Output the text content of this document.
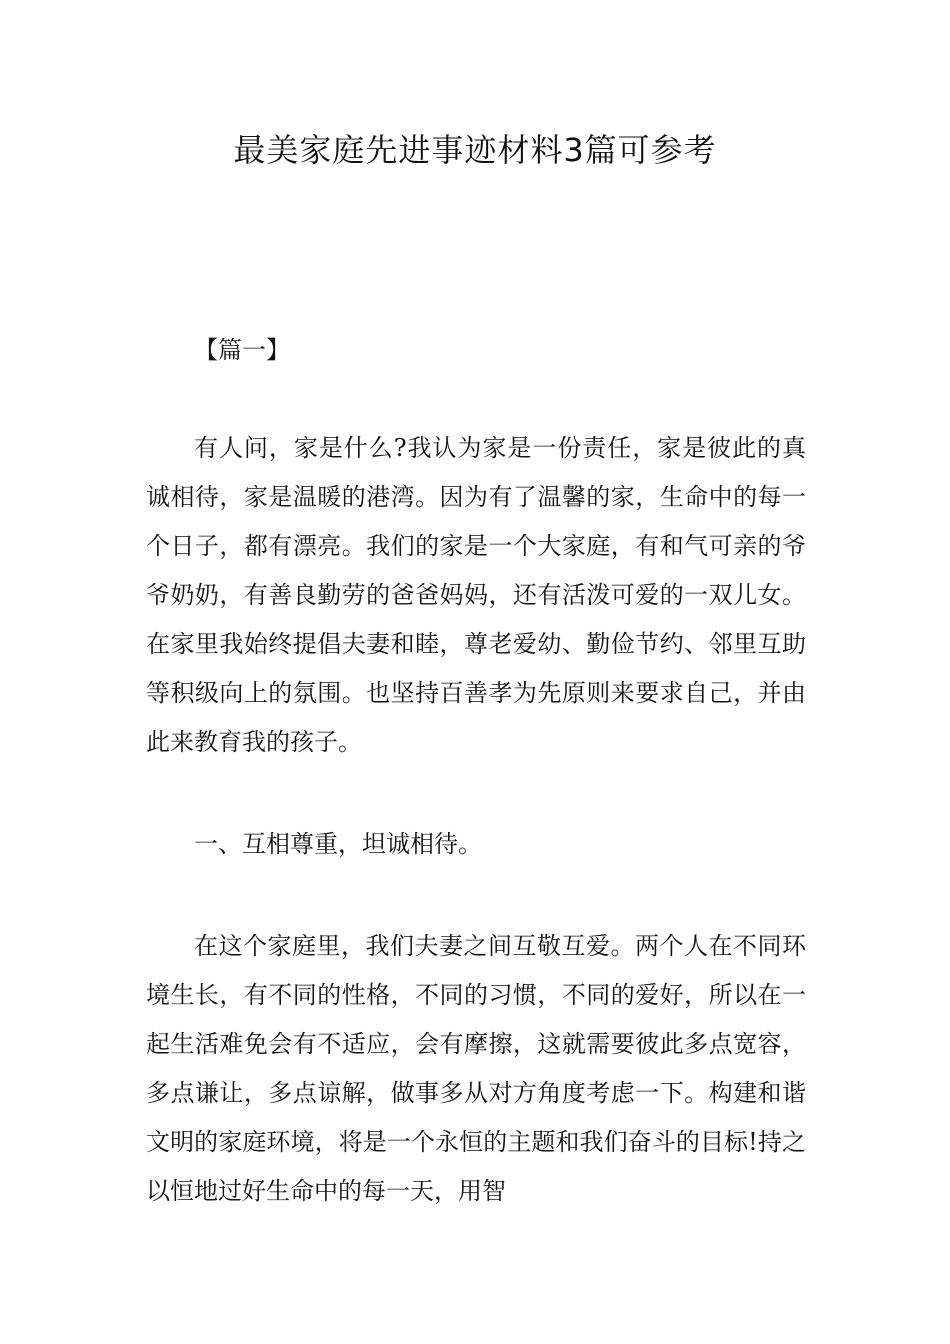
最美家庭先进事迹材料3篇可参考

【篇一】

有人问，家是什么?我认为家是一份责任，家是彼此的真诚相待，家是温暖的港湾。因为有了温馨的家，生命中的每一个日子，都有漂亮。我们的家是一个大家庭，有和气可亲的爷爷奶奶，有善良勤劳的爸爸妈妈，还有活泼可爱的一双儿女。在家里我始终提倡夫妻和睦，尊老爱幼、勤俭节约、邻里互助等积级向上的氛围。也坚持百善孝为先原则来要求自己，并由此来教育我的孩子。

一、互相尊重，坦诚相待。

在这个家庭里，我们夫妻之间互敬互爱。两个人在不同环境生长，有不同的性格，不同的习惯，不同的爱好，所以在一起生活难免会有不适应，会有摩擦，这就需要彼此多点宽容，多点谦让，多点谅解，做事多从对方角度考虑一下。构建和谐文明的家庭环境，将是一个永恒的主题和我们奋斗的目标!持之以恒地过好生命中的每一天，用智
